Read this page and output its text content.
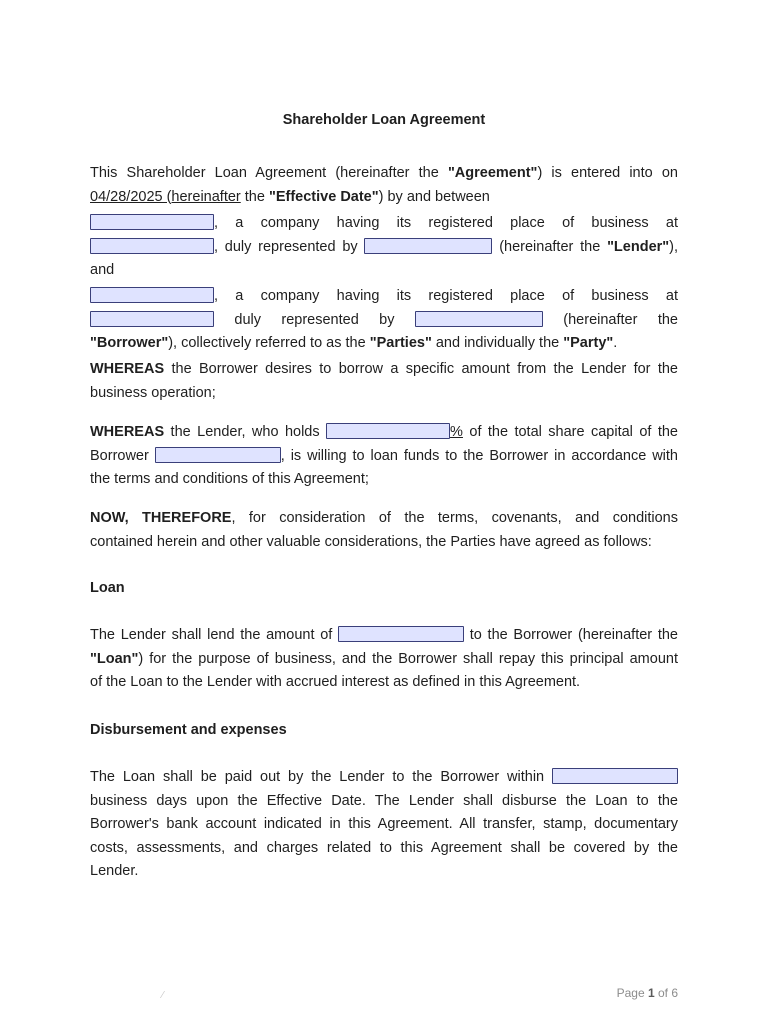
Shareholder Loan Agreement
This Shareholder Loan Agreement (hereinafter the "Agreement") is entered into on
04/28/2025 (hereinafter the "Effective Date") by and between
, a company having its registered place of business at
, duly represented by	(hereinafter the "Lender"),
and
, a company having its registered place of business at
duly represented by	(hereinafter the
"Borrower"), collectively referred to as the "Parties" and individually the "Party".
WHEREAS the Borrower desires to borrow a specific amount from the Lender for the
business operation;
WHEREAS the Lender, who holds	% of the total share capital of the
Borrower	, is willing to loan funds to the Borrower in accordance with
the terms and conditions of this Agreement;
NOW, THEREFORE, for consideration of the terms, covenants, and conditions
contained herein and other valuable considerations, the Parties have agreed as follows:
Loan
The Lender shall lend the amount of	to the Borrower (hereinafter the
"Loan") for the purpose of business, and the Borrower shall repay this principal amount
of the Loan to the Lender with accrued interest as defined in this Agreement.
Disbursement and expenses
The Loan shall be paid out by the Lender to the Borrower within
business days upon the Effective Date. The Lender shall disburse the Loan to the
Borrower's bank account indicated in this Agreement. All transfer, stamp, documentary
costs, assessments, and charges related to this Agreement shall be covered by the
Lender.
⁄	Page 1 of 6
